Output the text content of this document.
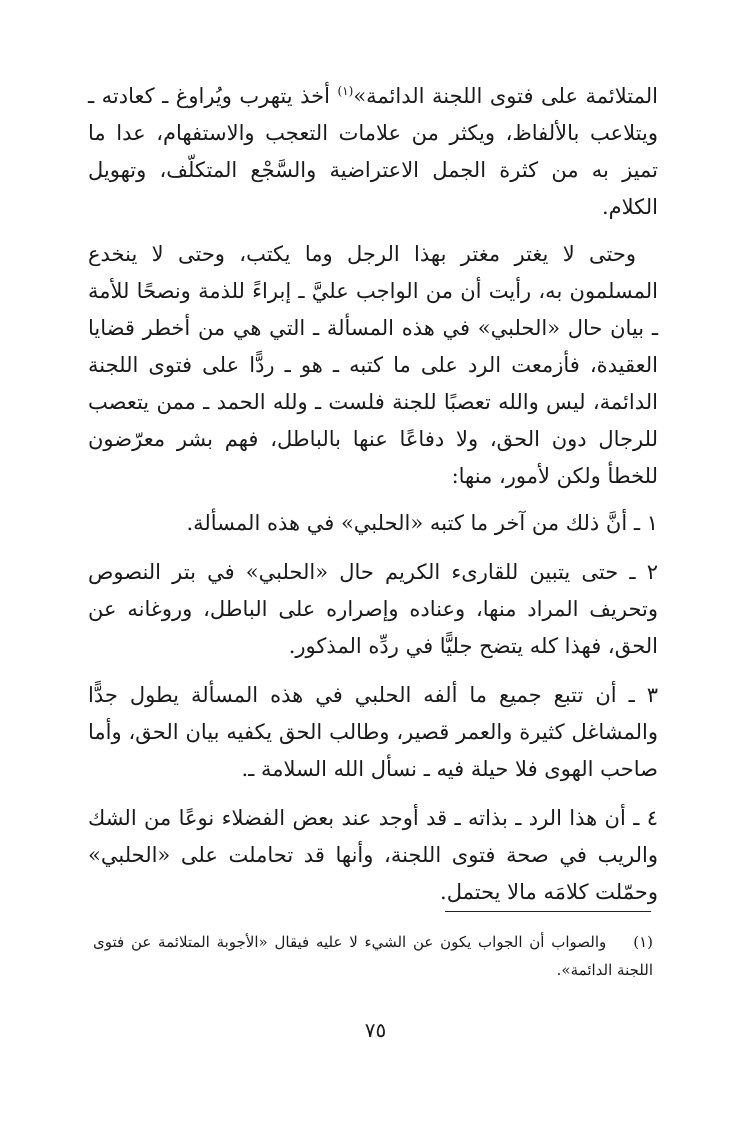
المتلائمة على فتوى اللجنة الدائمة»$^{(١)}$ أخذ يتهرب ويُراوغ ـ كعادته ـ ويتلاعب بالألفاظ، ويكثر من علامات التعجب والاستفهام، عدا ما تميز به من كثرة الجمل الاعتراضية والسَّجْع المتكلّف، وتهويل الكلام.

وحتى لا يغتر مغتر بهذا الرجل وما يكتب، وحتى لا ينخدع المسلمون به، رأيت أن من الواجب عليَّ ـ إبراءً للذمة ونصحًا للأمة ـ بيان حال «الحلبي» في هذه المسألة ـ التي هي من أخطر قضايا العقيدة، فأزمعت الرد على ما كتبه ـ هو ـ ردًّا على فتوى اللجنة الدائمة، ليس والله تعصبًا للجنة فلست ـ ولله الحمد ـ ممن يتعصب للرجال دون الحق، ولا دفاعًا عنها بالباطل، فهم بشر معرّضون للخطأ ولكن لأمور، منها:

١ ـ أنَّ ذلك من آخر ما كتبه «الحلبي» في هذه المسألة.
٢ ـ حتى يتبين للقارىء الكريم حال «الحلبي» في بتر النصوص وتحريف المراد منها، وعناده وإصراره على الباطل، وروغانه عن الحق، فهذا كله يتضح جليًّا في ردِّه المذكور.
٣ ـ أن تتبع جميع ما ألفه الحلبي في هذه المسألة يطول جدًّا والمشاغل كثيرة والعمر قصير، وطالب الحق يكفيه بيان الحق، وأما صاحب الهوى فلا حيلة فيه ـ نسأل الله السلامة ـ.
٤ ـ أن هذا الرد ـ بذاته ـ قد أوجد عند بعض الفضلاء نوعًا من الشك والريب في صحة فتوى اللجنة، وأنها قد تحاملت على «الحلبي» وحمّلت كلامَه مالا يحتمل.
(١) والصواب أن الجواب يكون عن الشيء لا عليه فيقال «الأجوبة المتلائمة عن فتوى اللجنة الدائمة».
٧٥
